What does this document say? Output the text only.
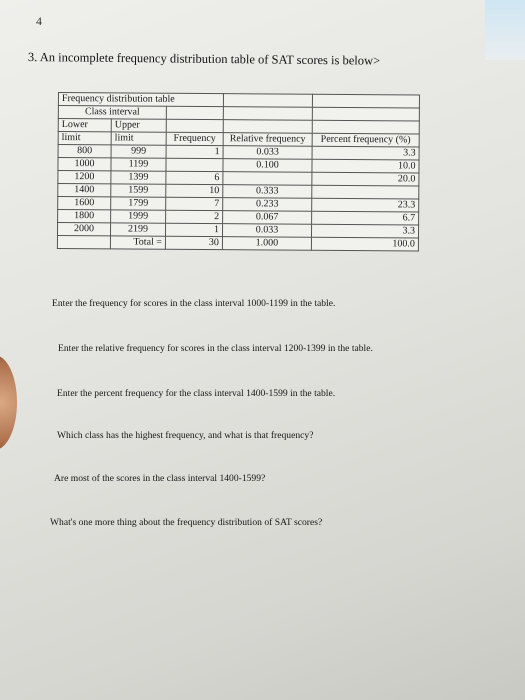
4
3. An incomplete frequency distribution table of SAT scores is below>
Frequency distribution table				
Class interval				
Lower	Upper			
limit	limit	Frequency	Relative frequency	Percent frequency (%)
800	999	1	0.033	3.3
1000	1199		0.100	10.0
1200	1399	6		20.0
1400	1599	10	0.333	
1600	1799	7	0.233	23.3
1800	1999	2	0.067	6.7
2000	2199	1	0.033	3.3
	Total =	30	1.000	100.0
Enter the frequency for scores in the class interval 1000-1199 in the table.
Enter the relative frequency for scores in the class interval 1200-1399 in the table.
Enter the percent frequency for the class interval 1400-1599 in the table.
Which class has the highest frequency, and what is that frequency?
Are most of the scores in the class interval 1400-1599?
What's one more thing about the frequency distribution of SAT scores?
